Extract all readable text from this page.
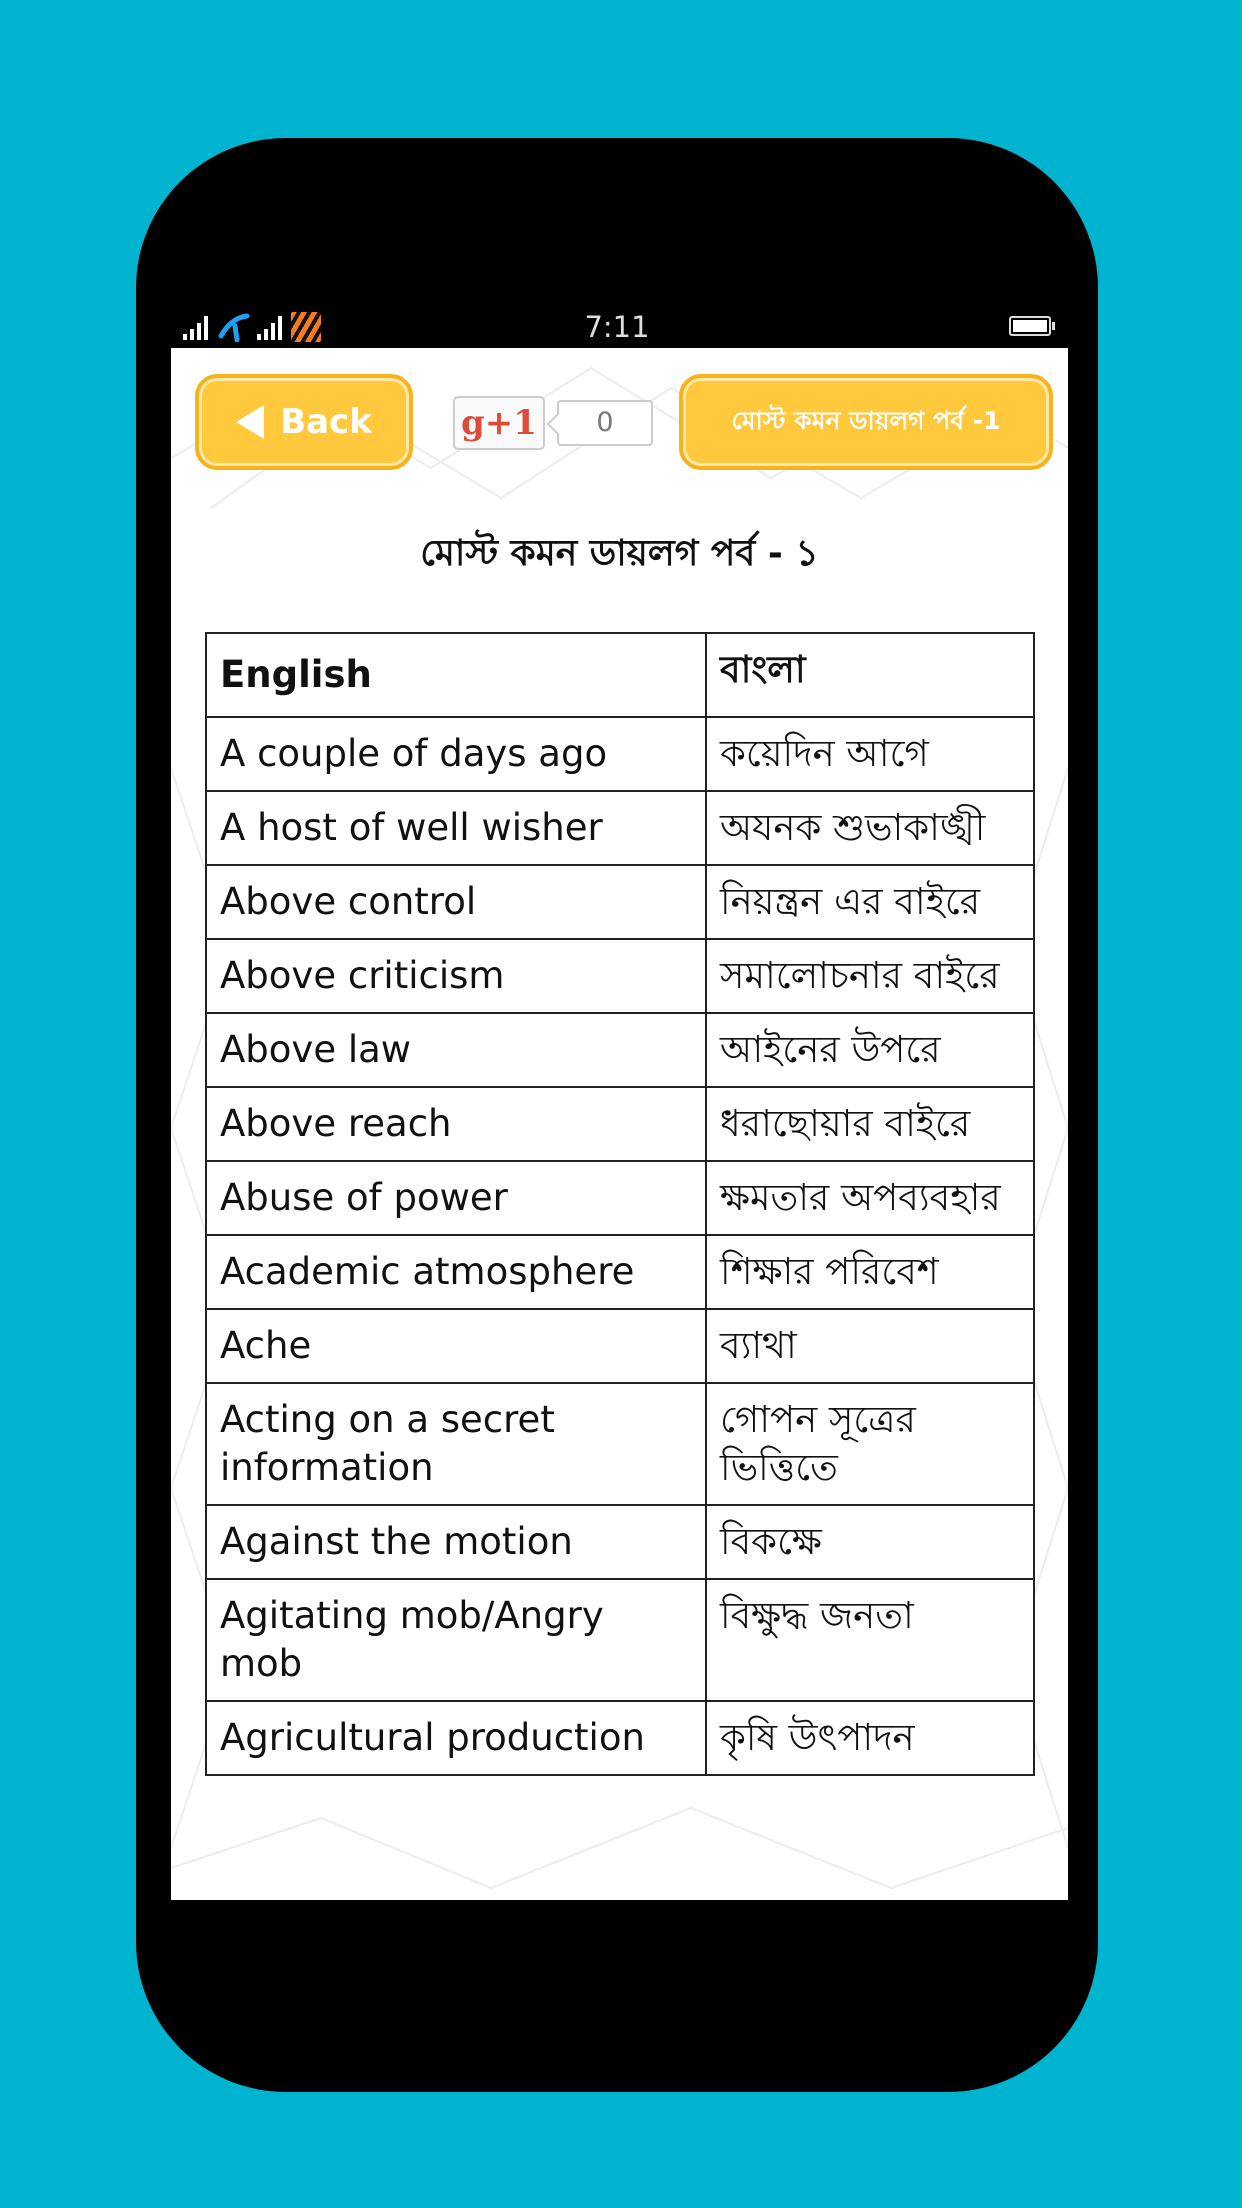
7:11
Back	g+1	0	মোস্ট কমন ডায়লগ পর্ব -1
মোস্ট কমন ডায়লগ পর্ব - ১
English	বাংলা
A couple of days ago	কয়েদিন আগে
A host of well wisher	অযনক শুভাকাঙ্খী
Above control	নিয়ন্ত্রন এর বাইরে
Above criticism	সমালোচনার বাইরে
Above law	আইনের উপরে
Above reach	ধরাছোয়ার বাইরে
Abuse of power	ক্ষমতার অপব্যবহার
Academic atmosphere	শিক্ষার পরিবেশ
Ache	ব্যাথা
Acting on a secret information	গোপন সূত্রের ভিত্তিতে
Against the motion	বিকক্ষে
Agitating mob/Angry mob	বিক্ষুদ্ধ জনতা
Agricultural production	কৃষি উৎপাদন
